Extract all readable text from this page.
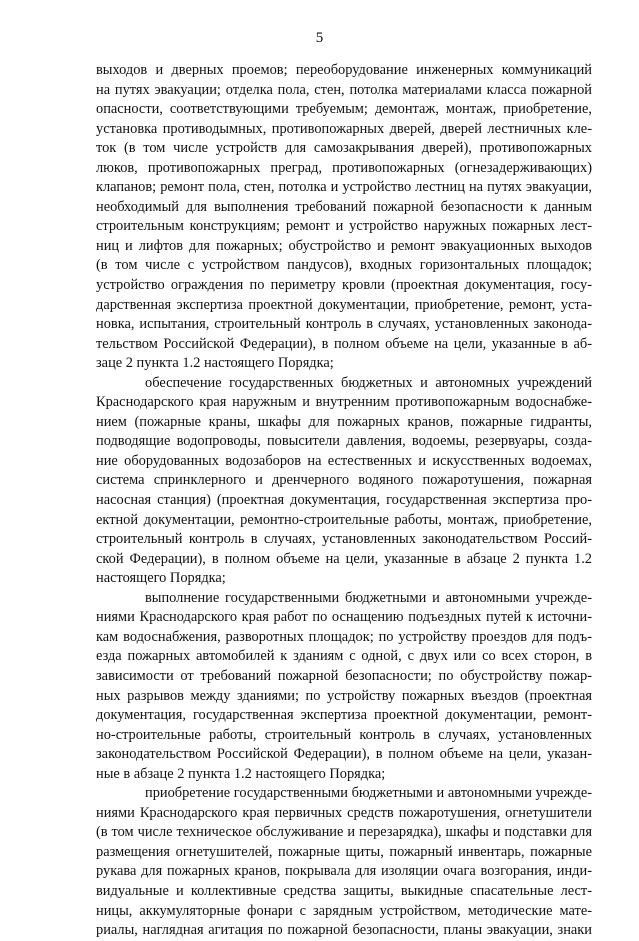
5
выходов и дверных проемов; переоборудование инженерных коммуникаций
на путях эвакуации; отделка пола, стен, потолка материалами класса пожарной
опасности, соответствующими требуемым; демонтаж, монтаж, приобретение,
установка противодымных, противопожарных дверей, дверей лестничных кле-
ток (в том числе устройств для самозакрывания дверей), противопожарных
люков, противопожарных преград, противопожарных (огнезадерживающих)
клапанов; ремонт пола, стен, потолка и устройство лестниц на путях эвакуации,
необходимый для выполнения требований пожарной безопасности к данным
строительным конструкциям; ремонт и устройство наружных пожарных лест-
ниц и лифтов для пожарных; обустройство и ремонт эвакуационных выходов
(в том числе с устройством пандусов), входных горизонтальных площадок;
устройство ограждения по периметру кровли (проектная документация, госу-
дарственная экспертиза проектной документации, приобретение, ремонт, уста-
новка, испытания, строительный контроль в случаях, установленных законода-
тельством Российской Федерации), в полном объеме на цели, указанные в аб-
заце 2 пункта 1.2 настоящего Порядка;
обеспечение государственных бюджетных и автономных учреждений
Краснодарского края наружным и внутренним противопожарным водоснабже-
нием (пожарные краны, шкафы для пожарных кранов, пожарные гидранты,
подводящие водопроводы, повысители давления, водоемы, резервуары, созда-
ние оборудованных водозаборов на естественных и искусственных водоемах,
система спринклерного и дренчерного водяного пожаротушения, пожарная
насосная станция) (проектная документация, государственная экспертиза про-
ектной документации, ремонтно-строительные работы, монтаж, приобретение,
строительный контроль в случаях, установленных законодательством Россий-
ской Федерации), в полном объеме на цели, указанные в абзаце 2 пункта 1.2
настоящего Порядка;
выполнение государственными бюджетными и автономными учрежде-
ниями Краснодарского края работ по оснащению подъездных путей к источни-
кам водоснабжения, разворотных площадок; по устройству проездов для подъ-
езда пожарных автомобилей к зданиям с одной, с двух или со всех сторон, в
зависимости от требований пожарной безопасности; по обустройству пожар-
ных разрывов между зданиями; по устройству пожарных въездов (проектная
документация, государственная экспертиза проектной документации, ремонт-
но-строительные работы, строительный контроль в случаях, установленных
законодательством Российской Федерации), в полном объеме на цели, указан-
ные в абзаце 2 пункта 1.2 настоящего Порядка;
приобретение государственными бюджетными и автономными учрежде-
ниями Краснодарского края первичных средств пожаротушения, огнетушители
(в том числе техническое обслуживание и перезарядка), шкафы и подставки для
размещения огнетушителей, пожарные щиты, пожарный инвентарь, пожарные
рукава для пожарных кранов, покрывала для изоляции очага возгорания, инди-
видуальные и коллективные средства защиты, выкидные спасательные лест-
ницы, аккумуляторные фонари с зарядным устройством, методические мате-
риалы, наглядная агитация по пожарной безопасности, планы эвакуации, знаки
